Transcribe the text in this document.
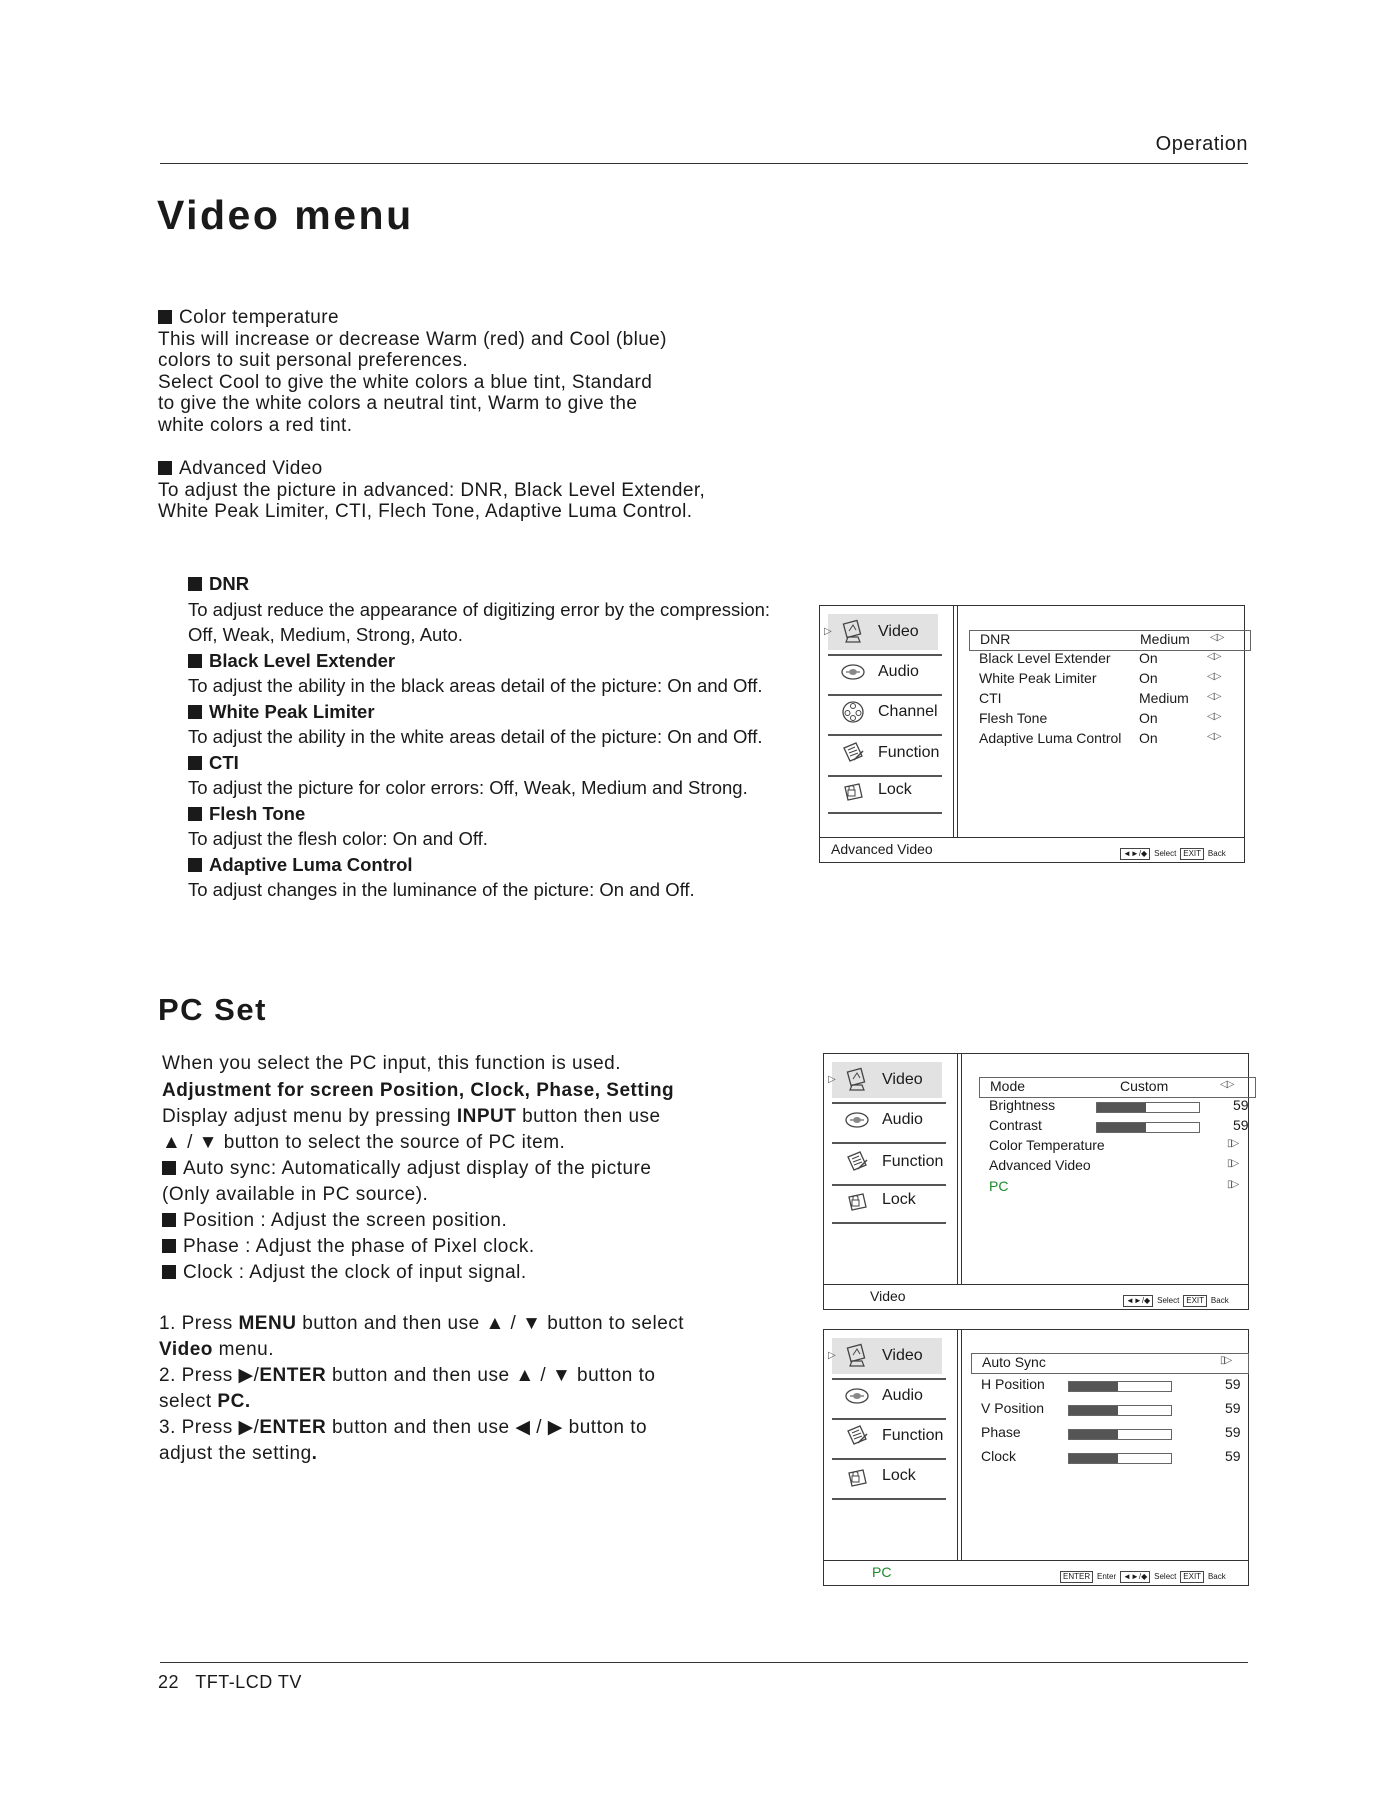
Operation
Video menu

Color temperature

This will increase or decrease Warm (red) and Cool (blue)

colors to suit personal preferences.

Select Cool to give the white colors a blue tint, Standard

to give the white colors a neutral tint, Warm to give the

white colors a red tint.

Advanced Video

To adjust the picture in advanced: DNR, Black Level Extender,

White Peak Limiter, CTI, Flech Tone, Adaptive Luma Control.

DNR
To adjust reduce the appearance of digitizing error by the compression:
Off, Weak, Medium, Strong, Auto.
Black Level Extender
To adjust the ability in the black areas detail of the picture: On and Off.
White Peak Limiter
To adjust the ability in the white areas detail of the picture: On and Off.
CTI
To adjust the picture for color errors: Off, Weak, Medium and Strong.
Flesh Tone
To adjust the flesh color: On and Off.
Adaptive Luma Control
To adjust changes in the luminance of the picture: On and Off.
▷	Video
Audio
Channel
Function
Lock
DNR	Medium ◁▷
Black Level Extender On	◁▷
White Peak Limiter	On	◁▷
CTI	Medium ◁▷
Flesh Tone	On	◁▷
Adaptive Luma Control On	◁▷
Advanced Video	◄►/◆ Select EXIT Back
PC Set

When you select the PC input, this function is used.

Adjustment for screen Position, Clock, Phase, Setting

Display adjust menu by pressing INPUT button then use

▲ / ▼ button to select the source of PC item.

Auto sync: Automatically adjust display of the picture

(Only available in PC source).

Position : Adjust the screen position.

Phase : Adjust the phase of Pixel clock.

Clock : Adjust the clock of input signal.

1. Press MENU button and then use ▲ / ▼ button to select

Video menu.

2. Press ▶/ENTER button and then use ▲ / ▼ button to

select PC.

3. Press ▶/ENTER button and then use ◀ / ▶ button to

adjust the setting.

▷	Video
Audio
Function
Lock
Mode	Custom	◁▷
Brightness	59
Contrast	59
Color Temperature	▯▷
Advanced Video	▯▷
PC	▯▷
Video	◄►/◆ Select EXIT Back
▷	Video
Audio
Function
Lock
Auto Sync	▯▷
H Position	59
V Position	59
Phase	59
Clock	59
PC	ENTER Enter ◄►/◆ Select EXIT Back
22   TFT-LCD TV
